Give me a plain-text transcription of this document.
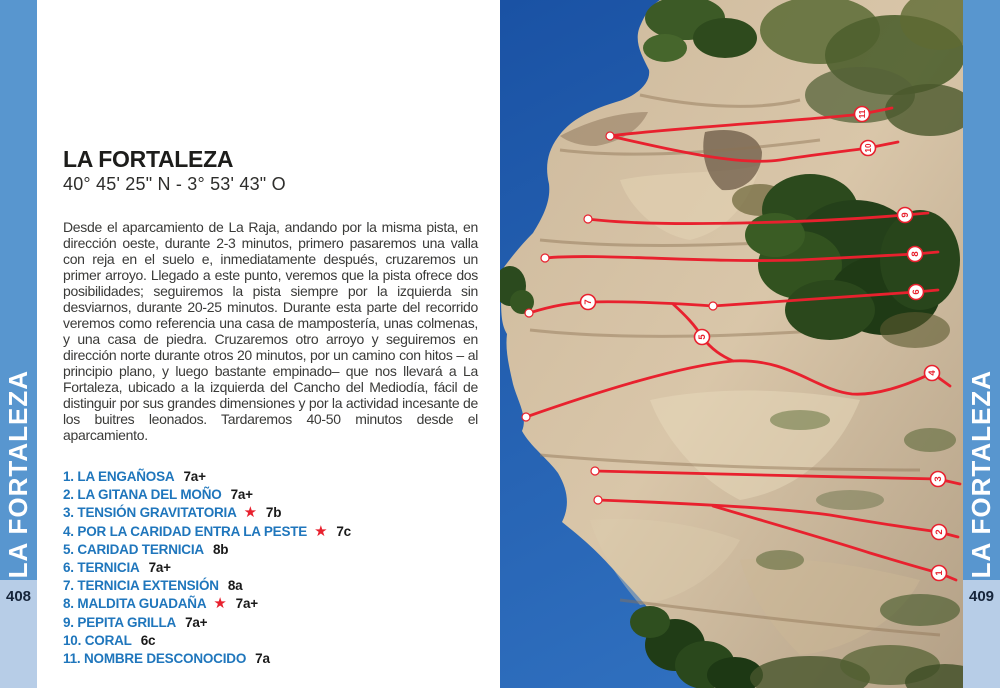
LA FORTALEZA
408
LA FORTALEZA
40° 45' 25" N - 3° 53' 43" O
Desde el aparcamiento de La Raja, andando por la misma pista, en dirección oeste, durante 2-3 minutos, primero pasaremos una valla con reja en el suelo e, inmediatamente después, cruzaremos un primer arroyo. Llegado a este punto, veremos que la pista ofrece dos posibilidades; seguiremos la pista siempre por la izquierda sin desviarnos, durante 20-25 minutos. Durante esta parte del recorrido veremos como referencia una casa de mampostería, unas colmenas, y una casa de piedra. Cruzaremos otro arroyo y seguiremos en dirección norte durante otros 20 minutos, por un camino con hitos – al principio plano, y luego bastante empinado– que nos llevará a La Fortaleza, ubicado a la izquierda del Cancho del Mediodía, fácil de distinguir por sus grandes dimensiones y por la actividad incesante de los buitres leonados. Tardaremos 40-50 minutos desde el aparcamiento.
1. LA ENGAÑOSA 7a+
2. LA GITANA DEL MOÑO 7a+
3. TENSIÓN GRAVITATORIA ★ 7b
4. POR LA CARIDAD ENTRA LA PESTE ★ 7c
5. CARIDAD TERNICIA 8b
6. TERNICIA 7a+
7. TERNICIA EXTENSIÓN 8a
8. MALDITA GUADAÑA ★ 7a+
9. PEPITA GRILLA 7a+
10. CORAL 6c
11. NOMBRE DESCONOCIDO 7a
1
2
3
4
5
6
7
8
9
10
11
LA FORTALEZA
409
